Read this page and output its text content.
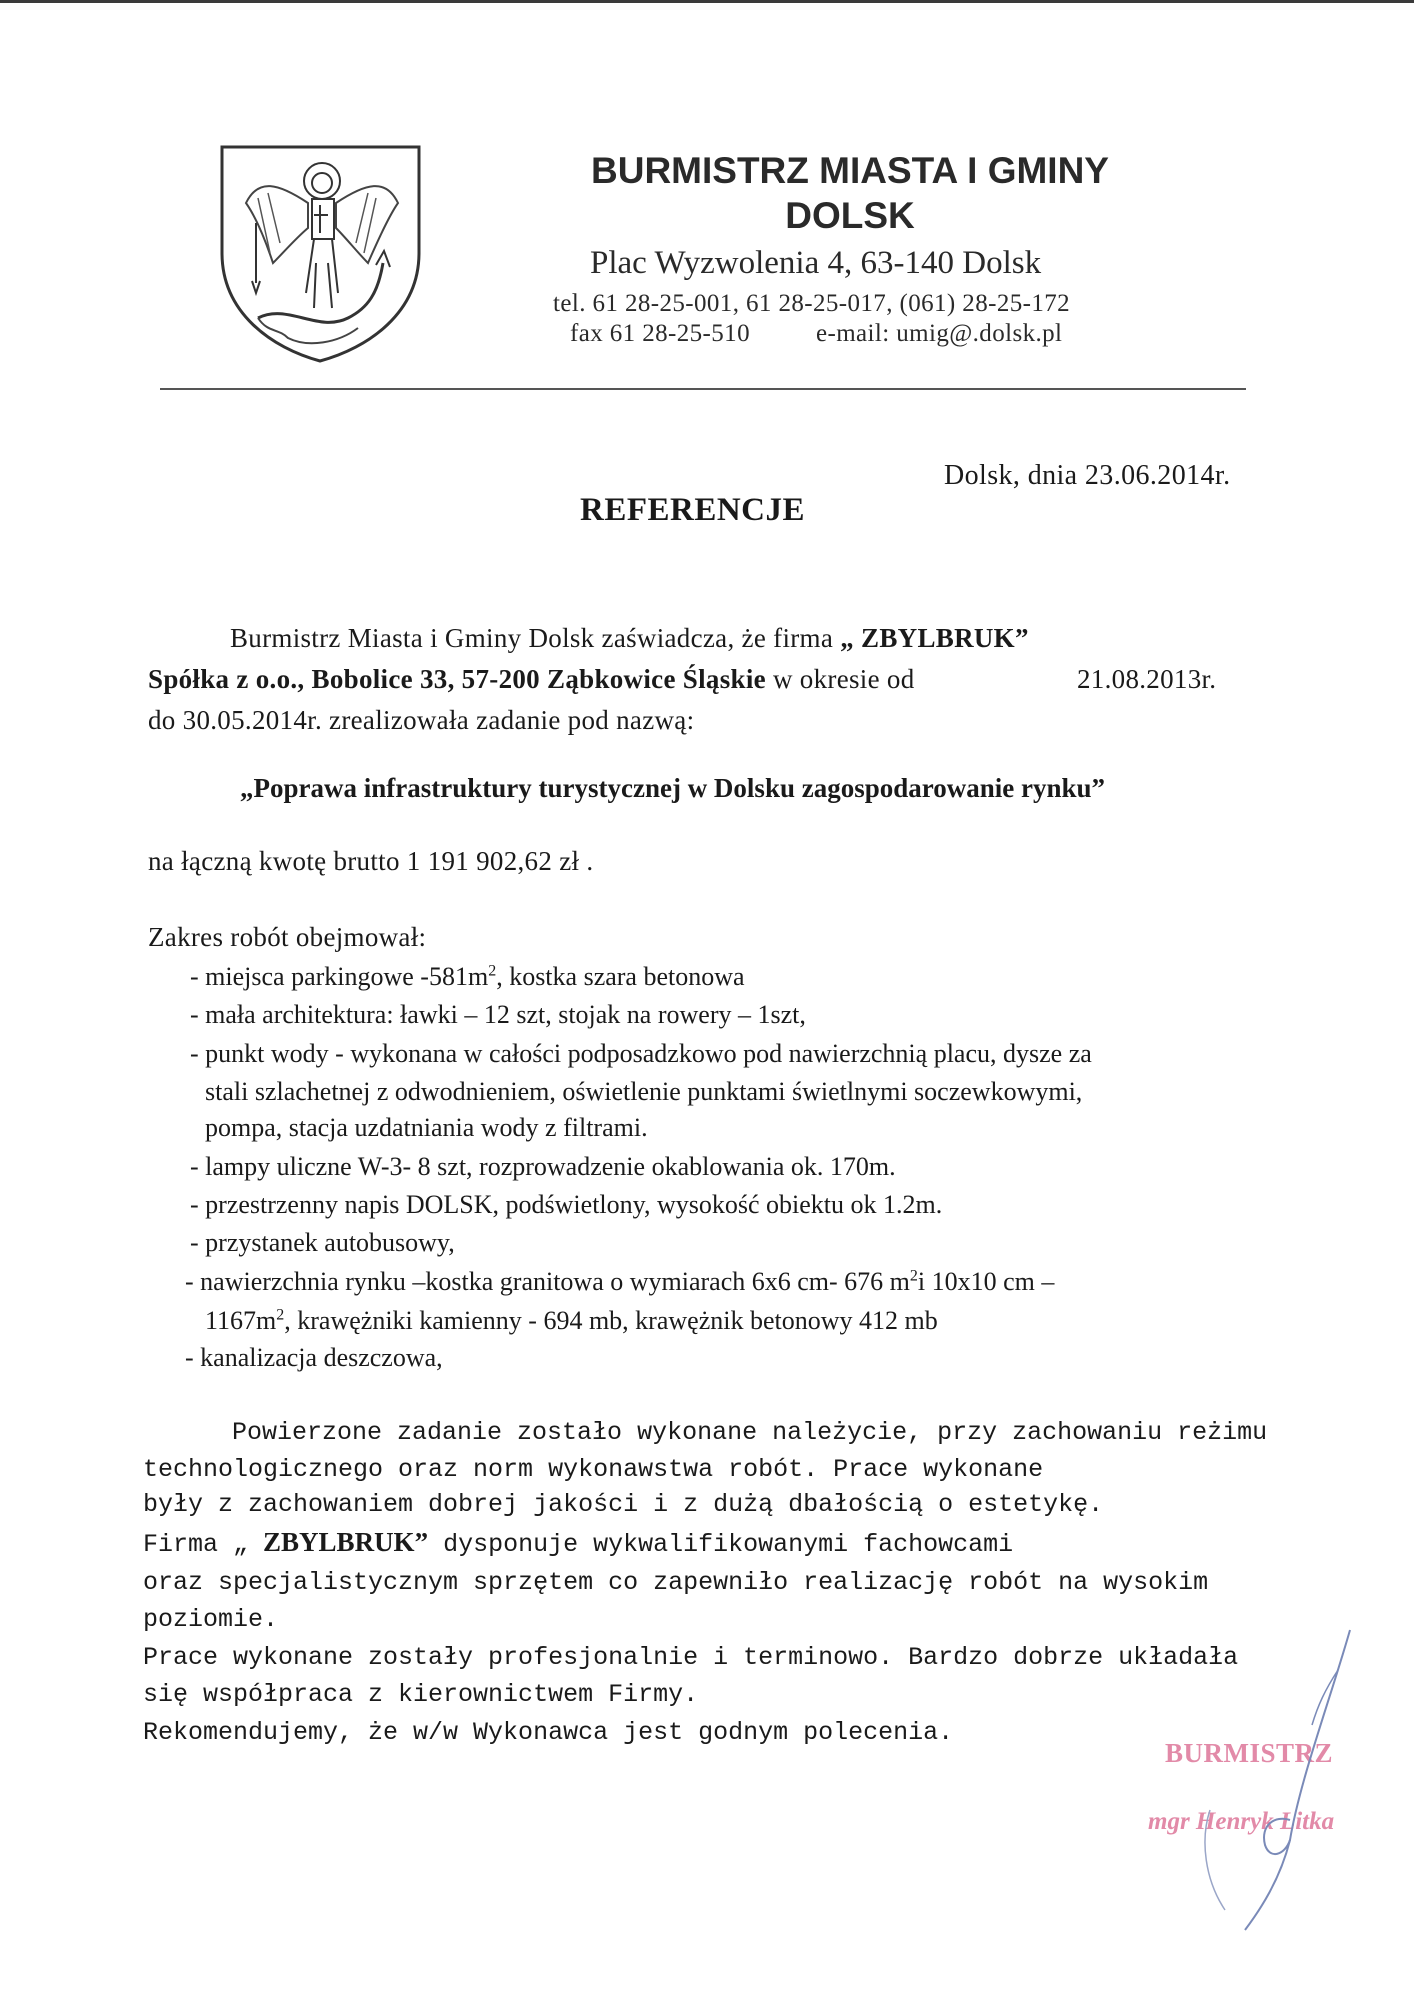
BURMISTRZ MIASTA I GMINY
DOLSK
Plac Wyzwolenia 4, 63-140 Dolsk
tel. 61 28-25-001, 61 28-25-017, (061) 28-25-172
fax 61 28-25-510	e-mail: umig@.dolsk.pl
Dolsk, dnia 23.06.2014r.
REFERENCJE
Burmistrz Miasta i Gminy Dolsk zaświadcza, że firma „ ZBYLBRUK”
Spółka z o.o., Bobolice 33, 57-200 Ząbkowice Śląskie w okresie od	21.08.2013r.
do 30.05.2014r. zrealizowała zadanie pod nazwą:
„Poprawa infrastruktury turystycznej w Dolsku zagospodarowanie rynku”
na łączną kwotę brutto 1 191 902,62 zł .
Zakres robót obejmował:
- miejsca parkingowe $-581m^2$, kostka szara betonowa
- mała architektura: ławki – 12 szt, stojak na rowery – 1szt,
- punkt wody - wykonana w całości podposadzkowo pod nawierzchnią placu, dysze za
stali szlachetnej z odwodnieniem, oświetlenie punktami świetlnymi soczewkowymi,
pompa, stacja uzdatniania wody z filtrami.
- lampy uliczne W-3- 8 szt, rozprowadzenie okablowania ok. 170m.
- przestrzenny napis DOLSK, podświetlony, wysokość obiektu ok 1.2m.
- przystanek autobusowy,
- nawierzchnia rynku –kostka granitowa o wymiarach 6x6 cm- 676 $m^2i$ 10x10 cm –
$1167m^2$, krawężniki kamienny - 694 mb, krawężnik betonowy 412 mb
- kanalizacja deszczowa,
Powierzone zadanie zostało wykonane należycie, przy zachowaniu reżimu
technologicznego oraz norm wykonawstwa robót. Prace wykonane
były z zachowaniem dobrej jakości i z dużą dbałością o estetykę.
Firma „ ZBYLBRUK” dysponuje wykwalifikowanymi fachowcami
oraz specjalistycznym sprzętem co zapewniło realizację robót na wysokim
poziomie.
Prace wykonane zostały profesjonalnie i terminowo. Bardzo dobrze układała
się współpraca z kierownictwem Firmy.
Rekomendujemy, że w/w Wykonawca jest godnym polecenia.
BURMISTRZ
mgr Henryk Litka
